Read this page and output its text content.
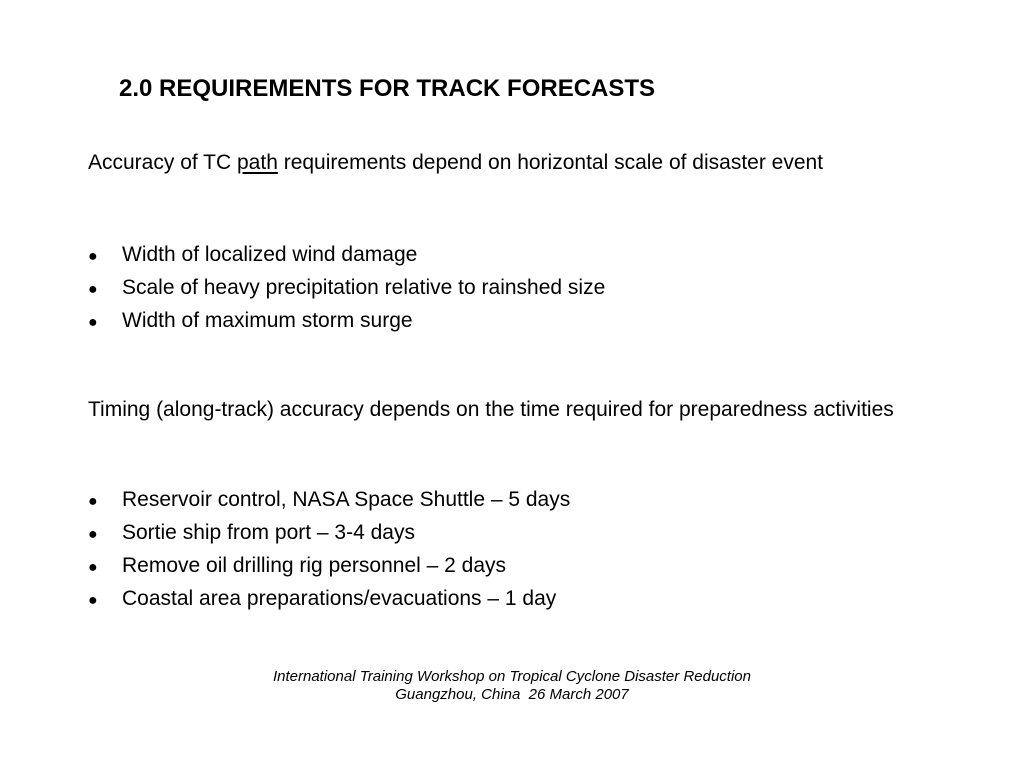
2.0 REQUIREMENTS FOR TRACK FORECASTS

Accuracy of TC path requirements depend on horizontal scale of disaster event

●	Width of localized wind damage
●	Scale of heavy precipitation relative to rainshed size
●	Width of maximum storm surge

Timing (along-track) accuracy depends on the time required for preparedness activities

●	Reservoir control, NASA Space Shuttle – 5 days
●	Sortie ship from port – 3-4 days
●	Remove oil drilling rig personnel – 2 days
●	Coastal area preparations/evacuations – 1 day
International Training Workshop on Tropical Cyclone Disaster Reduction
Guangzhou, China  26 March 2007
